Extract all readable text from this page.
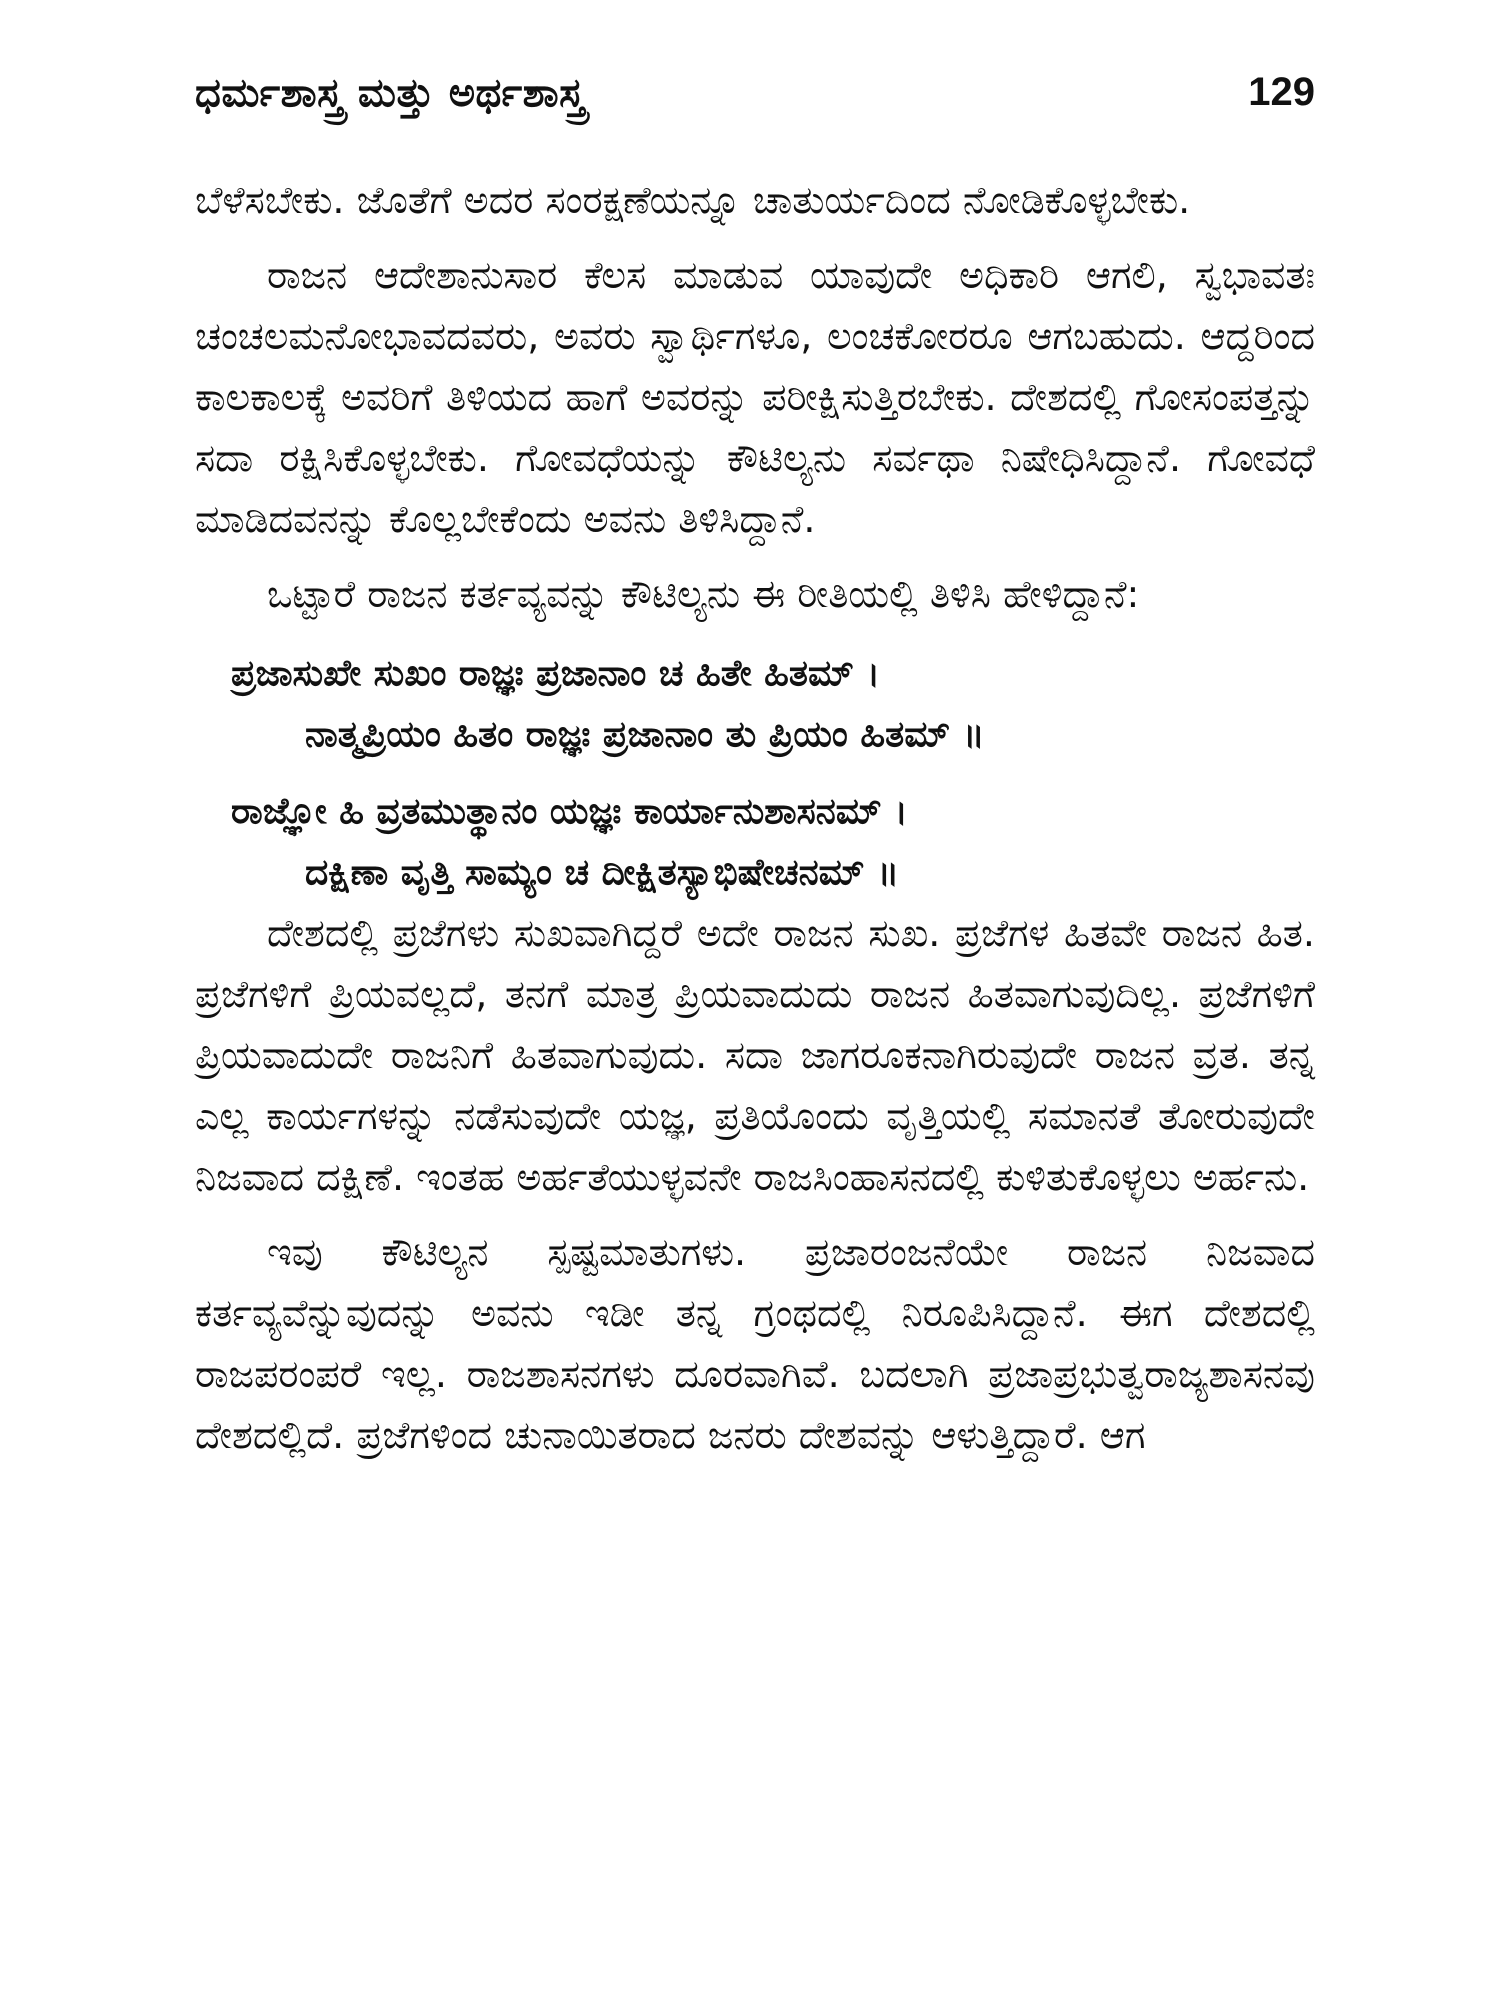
ಧರ್ಮಶಾಸ್ತ್ರ ಮತ್ತು ಅರ್ಥಶಾಸ್ತ್ರ	129

ಬೆಳೆಸಬೇಕು. ಜೊತೆಗೆ ಅದರ ಸಂರಕ್ಷಣೆಯನ್ನೂ ಚಾತುರ್ಯದಿಂದ ನೋಡಿಕೊಳ್ಳಬೇಕು.

ರಾಜನ ಆದೇಶಾನುಸಾರ ಕೆಲಸ ಮಾಡುವ ಯಾವುದೇ ಅಧಿಕಾರಿ ಆಗಲಿ, ಸ್ವಭಾವತಃ ಚಂಚಲಮನೋಭಾವದವರು, ಅವರು ಸ್ವಾರ್ಥಿಗಳೂ, ಲಂಚಕೋರರೂ ಆಗಬಹುದು. ಆದ್ದರಿಂದ ಕಾಲಕಾಲಕ್ಕೆ ಅವರಿಗೆ ತಿಳಿಯದ ಹಾಗೆ ಅವರನ್ನು ಪರೀಕ್ಷಿಸುತ್ತಿರಬೇಕು. ದೇಶದಲ್ಲಿ ಗೋಸಂಪತ್ತನ್ನು ಸದಾ ರಕ್ಷಿಸಿಕೊಳ್ಳಬೇಕು. ಗೋವಧೆಯನ್ನು ಕೌಟಿಲ್ಯನು ಸರ್ವಥಾ ನಿಷೇಧಿಸಿದ್ದಾನೆ. ಗೋವಧೆ ಮಾಡಿದವನನ್ನು ಕೊಲ್ಲಬೇಕೆಂದು ಅವನು ತಿಳಿಸಿದ್ದಾನೆ.

ಒಟ್ಟಾರೆ ರಾಜನ ಕರ್ತವ್ಯವನ್ನು ಕೌಟಿಲ್ಯನು ಈ ರೀತಿಯಲ್ಲಿ ತಿಳಿಸಿ ಹೇಳಿದ್ದಾನೆ:

ಪ್ರಜಾಸುಖೇ ಸುಖಂ ರಾಜ್ಞಃ ಪ್ರಜಾನಾಂ ಚ ಹಿತೇ ಹಿತಮ್ ।

ನಾತ್ಮಪ್ರಿಯಂ ಹಿತಂ ರಾಜ್ಞಃ ಪ್ರಜಾನಾಂ ತು ಪ್ರಿಯಂ ಹಿತಮ್ ॥

ರಾಜ್ಞೋ ಹಿ ವ್ರತಮುತ್ಥಾನಂ ಯಜ್ಞಃ ಕಾರ್ಯಾನುಶಾಸನಮ್ ।

ದಕ್ಷಿಣಾ ವೃತ್ತಿ ಸಾಮ್ಯಂ ಚ ದೀಕ್ಷಿತಸ್ಯಾಭಿಷೇಚನಮ್ ॥

ದೇಶದಲ್ಲಿ ಪ್ರಜೆಗಳು ಸುಖವಾಗಿದ್ದರೆ ಅದೇ ರಾಜನ ಸುಖ. ಪ್ರಜೆಗಳ ಹಿತವೇ ರಾಜನ ಹಿತ. ಪ್ರಜೆಗಳಿಗೆ ಪ್ರಿಯವಲ್ಲದೆ, ತನಗೆ ಮಾತ್ರ ಪ್ರಿಯವಾದುದು ರಾಜನ ಹಿತವಾಗುವುದಿಲ್ಲ. ಪ್ರಜೆಗಳಿಗೆ ಪ್ರಿಯವಾದುದೇ ರಾಜನಿಗೆ ಹಿತವಾಗುವುದು. ಸದಾ ಜಾಗರೂಕನಾಗಿರುವುದೇ ರಾಜನ ವ್ರತ. ತನ್ನ ಎಲ್ಲ ಕಾರ್ಯಗಳನ್ನು ನಡೆಸುವುದೇ ಯಜ್ಞ, ಪ್ರತಿಯೊಂದು ವೃತ್ತಿಯಲ್ಲಿ ಸಮಾನತೆ ತೋರುವುದೇ ನಿಜವಾದ ದಕ್ಷಿಣೆ. ಇಂತಹ ಅರ್ಹತೆಯುಳ್ಳವನೇ ರಾಜಸಿಂಹಾಸನದಲ್ಲಿ ಕುಳಿತುಕೊಳ್ಳಲು ಅರ್ಹನು.

ಇವು ಕೌಟಿಲ್ಯನ ಸ್ಪಷ್ಟಮಾತುಗಳು. ಪ್ರಜಾರಂಜನೆಯೇ ರಾಜನ ನಿಜವಾದ ಕರ್ತವ್ಯವೆನ್ನುವುದನ್ನು ಅವನು ಇಡೀ ತನ್ನ ಗ್ರಂಥದಲ್ಲಿ ನಿರೂಪಿಸಿದ್ದಾನೆ. ಈಗ ದೇಶದಲ್ಲಿ ರಾಜಪರಂಪರೆ ಇಲ್ಲ. ರಾಜಶಾಸನಗಳು ದೂರವಾಗಿವೆ. ಬದಲಾಗಿ ಪ್ರಜಾಪ್ರಭುತ್ವರಾಜ್ಯಶಾಸನವು ದೇಶದಲ್ಲಿದೆ. ಪ್ರಜೆಗಳಿಂದ ಚುನಾಯಿತರಾದ ಜನರು ದೇಶವನ್ನು ಆಳುತ್ತಿದ್ದಾರೆ. ಆಗ
